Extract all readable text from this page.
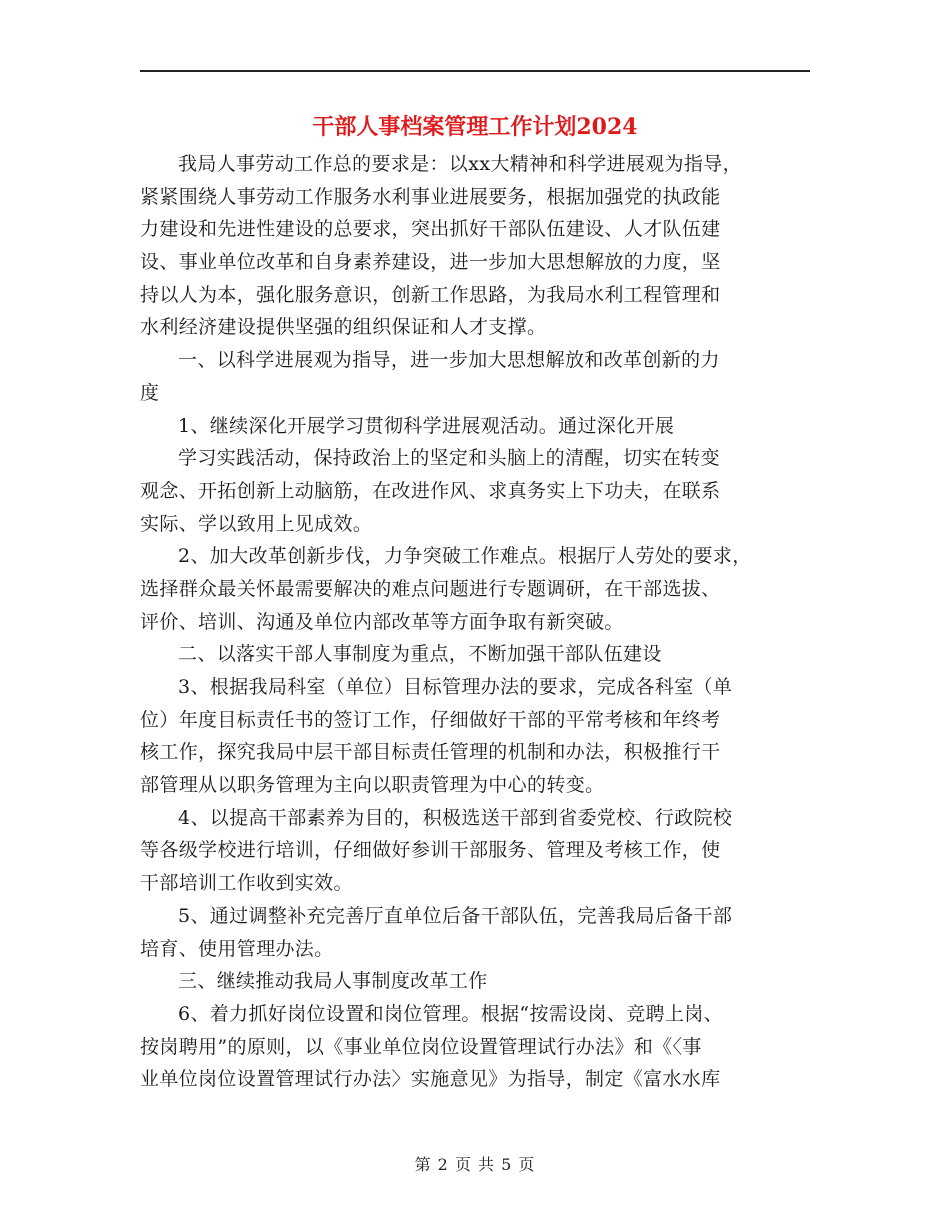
干部人事档案管理工作计划2024
我局人事劳动工作总的要求是：以xx大精神和科学进展观为指导，
紧紧围绕人事劳动工作服务水利事业进展要务，根据加强党的执政能
力建设和先进性建设的总要求，突出抓好干部队伍建设、人才队伍建
设、事业单位改革和自身素养建设，进一步加大思想解放的力度，坚
持以人为本，强化服务意识，创新工作思路，为我局水利工程管理和
水利经济建设提供坚强的组织保证和人才支撑。
一、以科学进展观为指导，进一步加大思想解放和改革创新的力
度
1、继续深化开展学习贯彻科学进展观活动。通过深化开展
学习实践活动，保持政治上的坚定和头脑上的清醒，切实在转变
观念、开拓创新上动脑筋，在改进作风、求真务实上下功夫，在联系
实际、学以致用上见成效。
2、加大改革创新步伐，力争突破工作难点。根据厅人劳处的要求，
选择群众最关怀最需要解决的难点问题进行专题调研，在干部选拔、
评价、培训、沟通及单位内部改革等方面争取有新突破。
二、以落实干部人事制度为重点，不断加强干部队伍建设
3、根据我局科室（单位）目标管理办法的要求，完成各科室（单
位）年度目标责任书的签订工作，仔细做好干部的平常考核和年终考
核工作，探究我局中层干部目标责任管理的机制和办法，积极推行干
部管理从以职务管理为主向以职责管理为中心的转变。
4、以提高干部素养为目的，积极选送干部到省委党校、行政院校
等各级学校进行培训，仔细做好参训干部服务、管理及考核工作，使
干部培训工作收到实效。
5、通过调整补充完善厅直单位后备干部队伍，完善我局后备干部
培育、使用管理办法。
三、继续推动我局人事制度改革工作
6、着力抓好岗位设置和岗位管理。根据“按需设岗、竞聘上岗、
按岗聘用”的原则，以《事业单位岗位设置管理试行办法》和《〈事
业单位岗位设置管理试行办法〉实施意见》为指导，制定《富水水库
第 2 页 共 5 页
